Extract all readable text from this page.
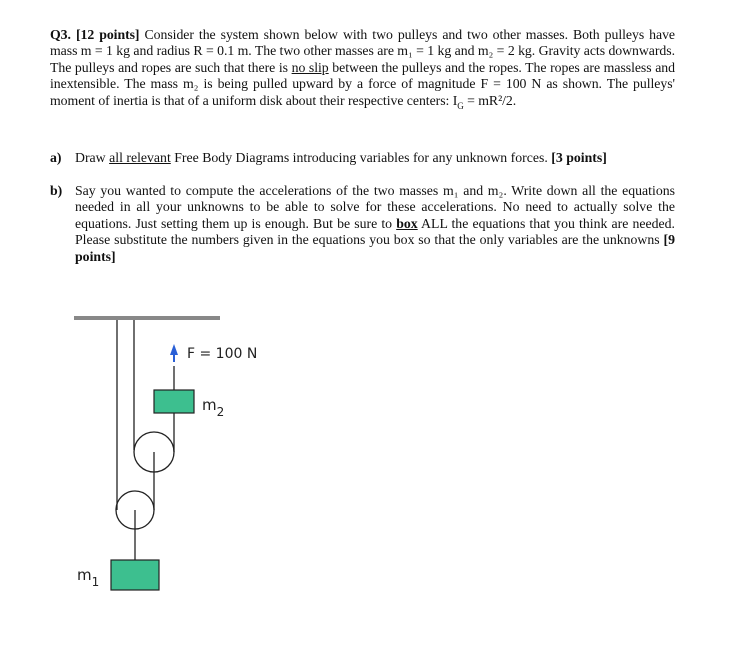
Q3. [12 points] Consider the system shown below with two pulleys and two other masses. Both pulleys have mass m = 1 kg and radius R = 0.1 m. The two other masses are m₁ = 1 kg and m₂ = 2 kg. Gravity acts downwards. The pulleys and ropes are such that there is no slip between the pulleys and the ropes. The ropes are massless and inextensible. The mass m₂ is being pulled upward by a force of magnitude F = 100 N as shown. The pulleys' moment of inertia is that of a uniform disk about their respective centers: $I_G = mR^2/2$.
a) Draw all relevant Free Body Diagrams introducing variables for any unknown forces. [3 points]
b) Say you wanted to compute the accelerations of the two masses m₁ and m₂. Write down all the equations needed in all your unknowns to be able to solve for these accelerations. No need to actually solve the equations. Just setting them up is enough. But be sure to box ALL the equations that you think are needed. Please substitute the numbers given in the equations you box so that the only variables are the unknowns [9 points]
F = 100 N
$m_2$
$m_1$
